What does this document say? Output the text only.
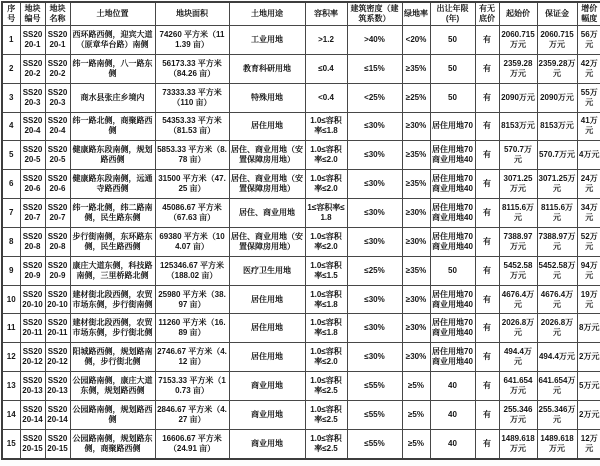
序号	地块编号	地块名称	土地位置	地块面积	土地用途	容积率	建筑密度（建筑系数）	绿地率	出让年限(年)	有无底价	起始价	保证金	增价幅度
1	SS2020-1	SS2020-1	西环路西侧，迎宾大道（原章华台路）南侧	74260 平方米（111.39 亩）	工业用地	>1.2	>40%	<20%	50	有	2060.715万元	2060.715万元	56万元
2	SS2020-2	SS2020-2	纬一路南侧，八一路东侧	56173.33 平方米（84.26 亩）	教育科研用地	≤0.4	≤15%	≥35%	50	有	2359.28万元	2359.28万元	42万元
3	SS2020-3	SS2020-3	商水县张庄乡境内	73333.33 平方米（110 亩）	特殊用地	<0.4	<25%	≥25%	50	有	2090万元	2090万元	55万元
4	SS2020-4	SS2020-4	纬一路北侧，商聚路西侧	54353.33 平方米（81.53 亩）	居住用地	1.0≤容积率≤1.8	≤30%	≥30%	居住用地70	有	8153万元	8153万元	41万元
5	SS2020-5	SS2020-5	健康路东段南侧，规划路西侧	5853.33 平方米（8.78 亩）	居住、商业用地（安置保障房用地）	1.0≤容积率≤2.0	≤30%	≥35%	居住用地70 商业用地40	有	570.7万元	570.7万元	4万元
6	SS2020-6	SS2020-6	健康路东段南侧，远通寺路西侧	31500 平方米（47.25 亩）	居住、商业用地（安置保障房用地）	1.0≤容积率≤2.0	≤30%	≥35%	居住用地70 商业用地40	有	3071.25万元	3071.25万元	24万元
7	SS2020-7	SS2020-7	纬一路北侧，纬二路南侧，民生路东侧	45086.67 平方米（67.63 亩）	居住、商业用地	1≤容积率≤1.8	≤30%	≥30%	居住用地70 商业用地40	有	8115.6万元	8115.6万元	34万元
8	SS2020-8	SS2020-8	步行街南侧，东环路东侧，民生路西侧	69380 平方米（104.07 亩）	居住、商业用地（安置保障房用地）	1.0≤容积率≤2.0	≤30%	≥30%	居住用地70 商业用地40	有	7388.97万元	7388.97万元	52万元
9	SS2020-9	SS2020-9	康庄大道东侧，科技路南侧，三里桥路北侧	125346.67 平方米（188.02 亩）	医疗卫生用地	1.0≤容积率≤1.5	≤25%	≥35%	50	有	5452.58万元	5452.58万元	94万元
10	SS2020-10	SS2020-10	建材街北段西侧，农贸市场东侧，步行街南侧	25980 平方米（38.97 亩）	居住用地	1.0≤容积率≤1.8	≤30%	≥30%	居住用地70 商业用地40	有	4676.4万元	4676.4万元	19万元
11	SS2020-11	SS2020-11	建材街北段西侧，农贸市场东侧，步行街北侧	11260 平方米（16.89 亩）	居住用地	1.0≤容积率≤1.8	≤30%	≥30%	居住用地70 商业用地40	有	2026.8万元	2026.8万元	8万元
12	SS2020-12	SS2020-12	阳城路西侧，规划路南侧，步行街北侧	2746.67 平方米（4.12 亩）	居住用地	1.0≤容积率≤2.0	≤30%	≥30%	居住用地70 商业用地40	有	494.4万元	494.4万元	2万元
13	SS2020-13	SS2020-13	公园路南侧，康庄大道东侧，规划路西侧	7153.33 平方米（10.73 亩）	商业用地	1.0≤容积率≤2.5	≤55%	≥5%	40	有	641.654万元	641.654万元	5万元
14	SS2020-14	SS2020-14	公园路南侧，规划路西侧	2846.67 平方米（4.27 亩）	商业用地	1.0≤容积率≤2.5	≤55%	≥5%	40	有	255.346万元	255.346万元	2万元
15	SS2020-15	SS2020-15	公园路南侧，规划路东侧，商聚路西侧	16606.67 平方米（24.91 亩）	商业用地	1.0≤容积率≤2.5	≤55%	≥5%	40	有	1489.618万元	1489.618万元	12万元
